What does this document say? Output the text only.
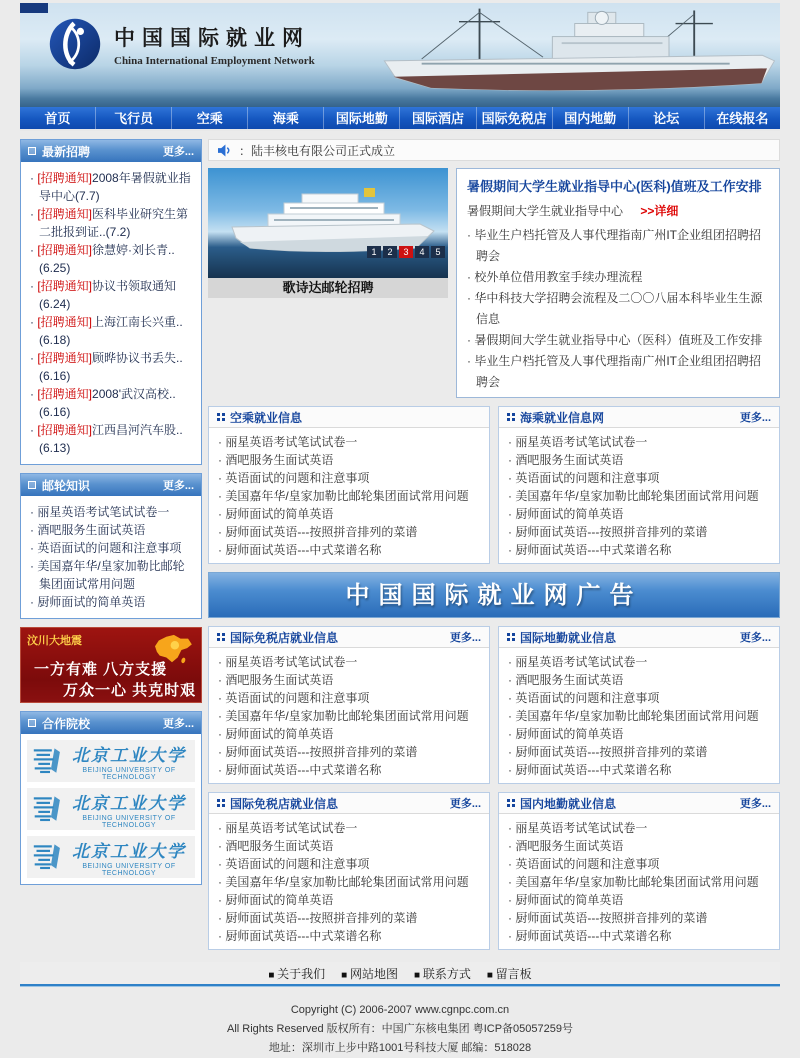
中国国际就业网
China International Employment Network
首页	飞行员	空乘	海乘	国际地勤	国际酒店	国际免税店	国内地勤	论坛	在线报名
最新招聘	更多...
· [招聘通知]2008年暑假就业指导中心(7.7)
· [招聘通知]医科毕业研究生第二批报到证..(7.2)
· [招聘通知]徐慧婷·刘长青..(6.25)
· [招聘通知]协议书领取通知(6.24)
· [招聘通知]上海江南长兴重..(6.18)
· [招聘通知]顾晔协议书丢失..(6.16)
· [招聘通知]2008'武汉高校..(6.16)
· [招聘通知]江西昌河汽车股..(6.13)
邮轮知识	更多...
· 丽星英语考试笔试试卷一
· 酒吧服务生面试英语
· 英语面试的问题和注意事项
· 美国嘉年华/皇家加勒比邮轮集团面试常用问题
· 厨师面试的简单英语
汶川大地震
一方有难 八方支援
万众一心 共克时艰
合作院校	更多...
北京工业大学
BEIJING UNIVERSITY OF TECHNOLOGY
北京工业大学
BEIJING UNIVERSITY OF TECHNOLOGY
北京工业大学
BEIJING UNIVERSITY OF TECHNOLOGY
：陆丰核电有限公司正式成立
1	2	3	4	5
歌诗达邮轮招聘
暑假期间大学生就业指导中心(医科)值班及工作安排
暑假期间大学生就业指导中心 >>详细
· 毕业生户档托管及人事代理指南广州IT企业组团招聘招聘会
· 校外单位借用教室手续办理流程
· 华中科技大学招聘会流程及二〇〇八届本科毕业生生源信息
· 暑假期间大学生就业指导中心（医科）值班及工作安排
· 毕业生户档托管及人事代理指南广州IT企业组团招聘招聘会
空乘就业信息
· 丽星英语考试笔试试卷一
· 酒吧服务生面试英语
· 英语面试的问题和注意事项
· 美国嘉年华/皇家加勒比邮轮集团面试常用问题
· 厨师面试的简单英语
· 厨师面试英语---按照拼音排列的菜谱
· 厨师面试英语---中式菜谱名称
海乘就业信息网	更多...
· 丽星英语考试笔试试卷一
· 酒吧服务生面试英语
· 英语面试的问题和注意事项
· 美国嘉年华/皇家加勒比邮轮集团面试常用问题
· 厨师面试的简单英语
· 厨师面试英语---按照拼音排列的菜谱
· 厨师面试英语---中式菜谱名称
中国国际就业网广告
国际免税店就业信息	更多...
· 丽星英语考试笔试试卷一
· 酒吧服务生面试英语
· 英语面试的问题和注意事项
· 美国嘉年华/皇家加勒比邮轮集团面试常用问题
· 厨师面试的简单英语
· 厨师面试英语---按照拼音排列的菜谱
· 厨师面试英语---中式菜谱名称
国际地勤就业信息	更多...
· 丽星英语考试笔试试卷一
· 酒吧服务生面试英语
· 英语面试的问题和注意事项
· 美国嘉年华/皇家加勒比邮轮集团面试常用问题
· 厨师面试的简单英语
· 厨师面试英语---按照拼音排列的菜谱
· 厨师面试英语---中式菜谱名称
国际免税店就业信息	更多...
· 丽星英语考试笔试试卷一
· 酒吧服务生面试英语
· 英语面试的问题和注意事项
· 美国嘉年华/皇家加勒比邮轮集团面试常用问题
· 厨师面试的简单英语
· 厨师面试英语---按照拼音排列的菜谱
· 厨师面试英语---中式菜谱名称
国内地勤就业信息	更多...
· 丽星英语考试笔试试卷一
· 酒吧服务生面试英语
· 英语面试的问题和注意事项
· 美国嘉年华/皇家加勒比邮轮集团面试常用问题
· 厨师面试的简单英语
· 厨师面试英语---按照拼音排列的菜谱
· 厨师面试英语---中式菜谱名称
■ 关于我们	■ 网站地图	■ 联系方式	■ 留言板
Copyright (C) 2006-2007 www.cgnpc.com.cn
All Rights Reserved 版权所有：中国广东核电集团 粤ICP备05057259号
地址：深圳市上步中路1001号科技大厦 邮编：518028
